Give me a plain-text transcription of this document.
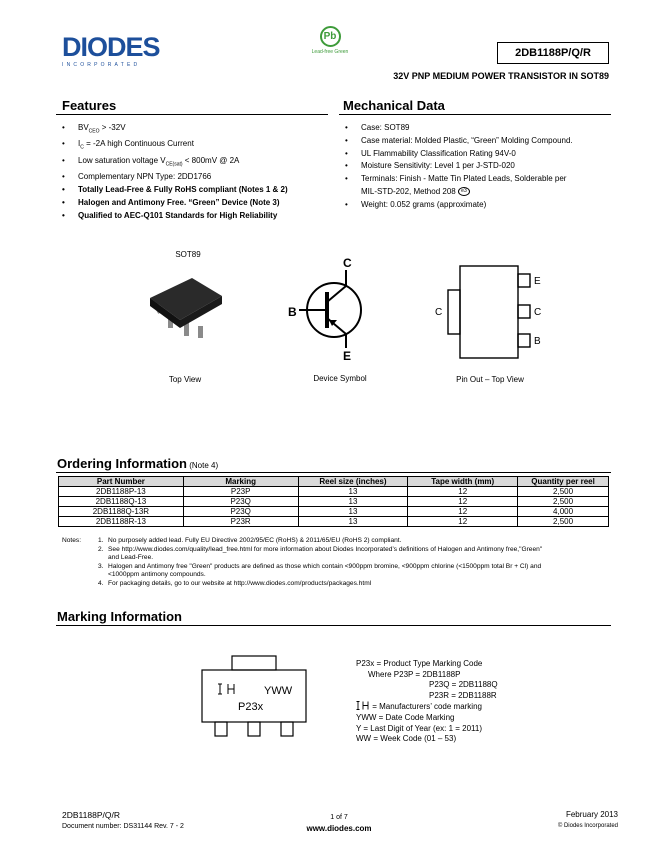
DIODES
INCORPORATED
Pb
Lead-free Green	2DB1188P/Q/R
32V PNP MEDIUM POWER TRANSISTOR IN SOT89
Features
• $BV_{CEO} > -32V$
• $I_C = -2A$ high Continuous Current
• Low saturation voltage $V_{CE(sat)} < 800mV$ @ 2A
• Complementary NPN Type: 2DD1766
• Totally Lead-Free & Fully RoHS compliant (Notes 1 & 2)
• Halogen and Antimony Free. “Green” Device (Note 3)
• Qualified to AEC-Q101 Standards for High Reliability
Mechanical Data
• Case: SOT89
• Case material: Molded Plastic, “Green” Molding Compound.
• UL Flammability Classification Rating 94V-0
• Moisture Sensitivity: Level 1 per J-STD-020
• Terminals: Finish - Matte Tin Plated Leads, Solderable per
MIL-STD-202, Method 208 e3
• Weight: 0.052 grams (approximate)
SOT89
C
B
E
E
C
B
C
Top View	Device Symbol	Pin Out – Top View
Ordering Information (Note 4)
Part Number	Marking	Reel size (inches)	Tape width (mm)	Quantity per reel
2DB1188P-13	P23P	13	12	2,500
2DB1188Q-13	P23Q	13	12	2,500
2DB1188Q-13R	P23Q	13	12	4,000
2DB1188R-13	P23R	13	12	2,500
Notes:	1. No purposely added lead. Fully EU Directive 2002/95/EC (RoHS) & 2011/65/EU (RoHS 2) compliant.
2. See http://www.diodes.com/quality/lead_free.html for more information about Diodes Incorporated’s definitions of Halogen and Antimony free,"Green"
and Lead-Free.
3. Halogen and Antimony free "Green" products are defined as those which contain <900ppm bromine, <900ppm chlorine (<1500ppm total Br + Cl) and
<1000ppm antimony compounds.
4. For packaging details, go to our website at http://www.diodes.com/products/packages.html
Marking Information
YWW
P23x
P23x = Product Type Marking Code
Where P23P = 2DB1188P
P23Q = 2DB1188Q
P23R = 2DB1188R
= Manufacturers’ code marking
YWW = Date Code Marking
Y = Last Digit of Year (ex: 1 = 2011)
WW = Week Code (01 – 53)
2DB1188P/Q/R
Document number: DS31144 Rev. 7 - 2
1 of 7
www.diodes.com
February 2013
© Diodes Incorporated
